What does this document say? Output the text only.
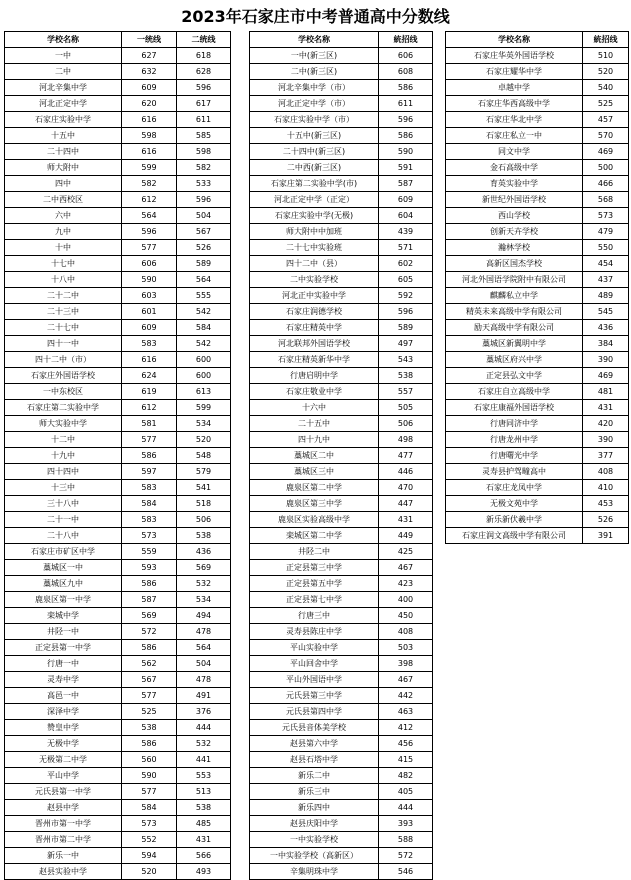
2023年石家庄市中考普通高中分数线
学校名称	一统线	二统线
一中	627	618
二中	632	628
河北辛集中学	609	596
河北正定中学	620	617
石家庄实验中学	616	611
十五中	598	585
二十四中	616	598
师大附中	599	582
四中	582	533
二中西校区	612	596
六中	564	504
九中	596	567
十中	577	526
十七中	606	589
十八中	590	564
二十二中	603	555
二十三中	601	542
二十七中	609	584
四十一中	583	542
四十二中（市）	616	600
石家庄外国语学校	624	600
一中东校区	619	613
石家庄第二实验中学	612	599
师大实验中学	581	534
十二中	577	520
十九中	586	548
四十四中	597	579
十三中	583	541
三十八中	584	518
二十一中	583	506
二十八中	573	538
石家庄市矿区中学	559	436
藁城区一中	593	569
藁城区九中	586	532
鹿泉区第一中学	587	534
栾城中学	569	494
井陉一中	572	478
正定县第一中学	586	564
行唐一中	562	504
灵寿中学	567	478
高邑一中	577	491
深泽中学	525	376
赞皇中学	538	444
无极中学	586	532
无极第二中学	560	441
平山中学	590	553
元氏县第一中学	577	513
赵县中学	584	538
晋州市第一中学	573	485
晋州市第二中学	552	431
新乐一中	594	566
赵县实验中学	520	493
学校名称	統招线
一中(新三区)	606
二中(新三区)	608
河北辛集中学（市）	586
河北正定中学（市）	611
石家庄实验中学（市）	596
十五中(新三区)	586
二十四中(新三区)	590
二中西(新三区)	591
石家庄第二实验中学(市)	587
河北正定中学（正定）	609
石家庄实验中学(无极)	604
师大附中中加班	439
二十七中实验班	571
四十二中（县）	602
二中实验学校	605
河北正中实验中学	592
石家庄润德学校	596
石家庄精英中学	589
河北联邦外国语学校	497
石家庄精英新华中学	543
行唐启明中学	538
石家庄敬业中学	557
十六中	505
二十五中	506
四十九中	498
藁城区二中	477
藁城区三中	446
鹿泉区第二中学	470
鹿泉区第三中学	447
鹿泉区实验高级中学	431
栾城区第二中学	449
井陉二中	425
正定县第三中学	467
正定县第五中学	423
正定县第七中学	400
行唐三中	450
灵寿县陈庄中学	408
平山实验中学	503
平山回舍中学	398
平山外国语中学	467
元氏县第三中学	442
元氏县第四中学	463
元氏县音体美学校	412
赵县第六中学	456
赵县石塔中学	415
新乐二中	482
新乐三中	405
新乐四中	444
赵县庆阳中学	393
一中实验学校	588
一中实验学校（高新区）	572
辛集明珠中学	546
学校名称	統招线
石家庄华英外国语学校	510
石家庄耀华中学	520
卓越中学	540
石家庄华西高级中学	525
石家庄华北中学	457
石家庄私立一中	570
同文中学	469
金石高级中学	500
育英实验中学	466
新世纪外国语学校	568
西山学校	573
创新天卉学校	479
瀚林学校	550
高新区国杰学校	454
河北外国语学院附中有限公司	437
麒麟私立中学	489
精英未来高级中学有限公司	545
励天高级中学有限公司	436
藁城区新翼明中学	384
藁城区府兴中学	390
正定县弘文中学	469
石家庄自立高级中学	481
石家庄康福外国语学校	431
行唐同济中学	420
行唐龙州中学	390
行唐曙光中学	377
灵寿县护驾疃高中	408
石家庄龙凤中学	410
无极文苑中学	453
新乐新伏羲中学	526
石家庄润文高级中学有限公司	391
